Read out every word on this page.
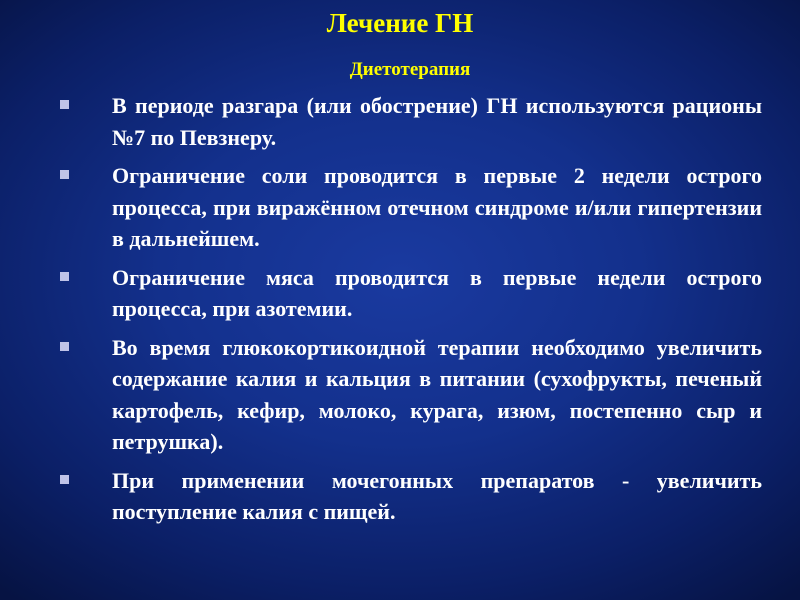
Лечение ГН
Диетотерапия
В периоде разгара (или обострение) ГН используются рационы №7 по Певзнеру.
Ограничение соли проводится в первые 2 недели острого процесса, при виражённом отечном синдроме и/или гипертензии в дальнейшем.
Ограничение мяса проводится в первые недели острого процесса, при азотемии.
Во время глюкокортикоидной терапии необходимо увеличить содержание калия и кальция в питании (сухофрукты, печеный картофель, кефир, молоко, курага, изюм, постепенно сыр и петрушка).
При применении мочегонных препаратов - увеличить поступление калия с пищей.
